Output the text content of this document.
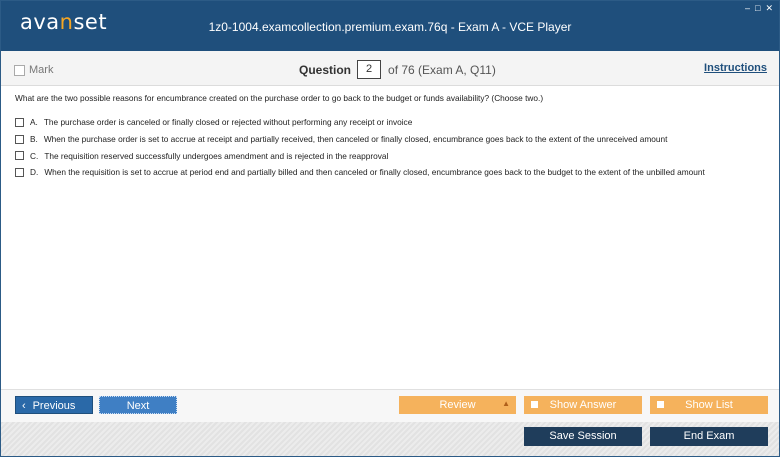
avanset	1z0-1004.examcollection.premium.exam.76q - Exam A - VCE Player
– □ ✕
Mark	Question	2	of 76 (Exam A, Q11)	Instructions
What are the two possible reasons for encumbrance created on the purchase order to go back to the budget or funds availability? (Choose two.)
A. The purchase order is canceled or finally closed or rejected without performing any receipt or invoice
B. When the purchase order is set to accrue at receipt and partially received, then canceled or finally closed, encumbrance goes back to the extent of the unreceived amount
C. The requisition reserved successfully undergoes amendment and is rejected in the reapproval
D. When the requisition is set to accrue at period end and partially billed and then canceled or finally closed, encumbrance goes back to the budget to the extent of the unbilled amount
‹ Previous	Next	Review	▲	Show Answer	Show List
Save Session	End Exam
